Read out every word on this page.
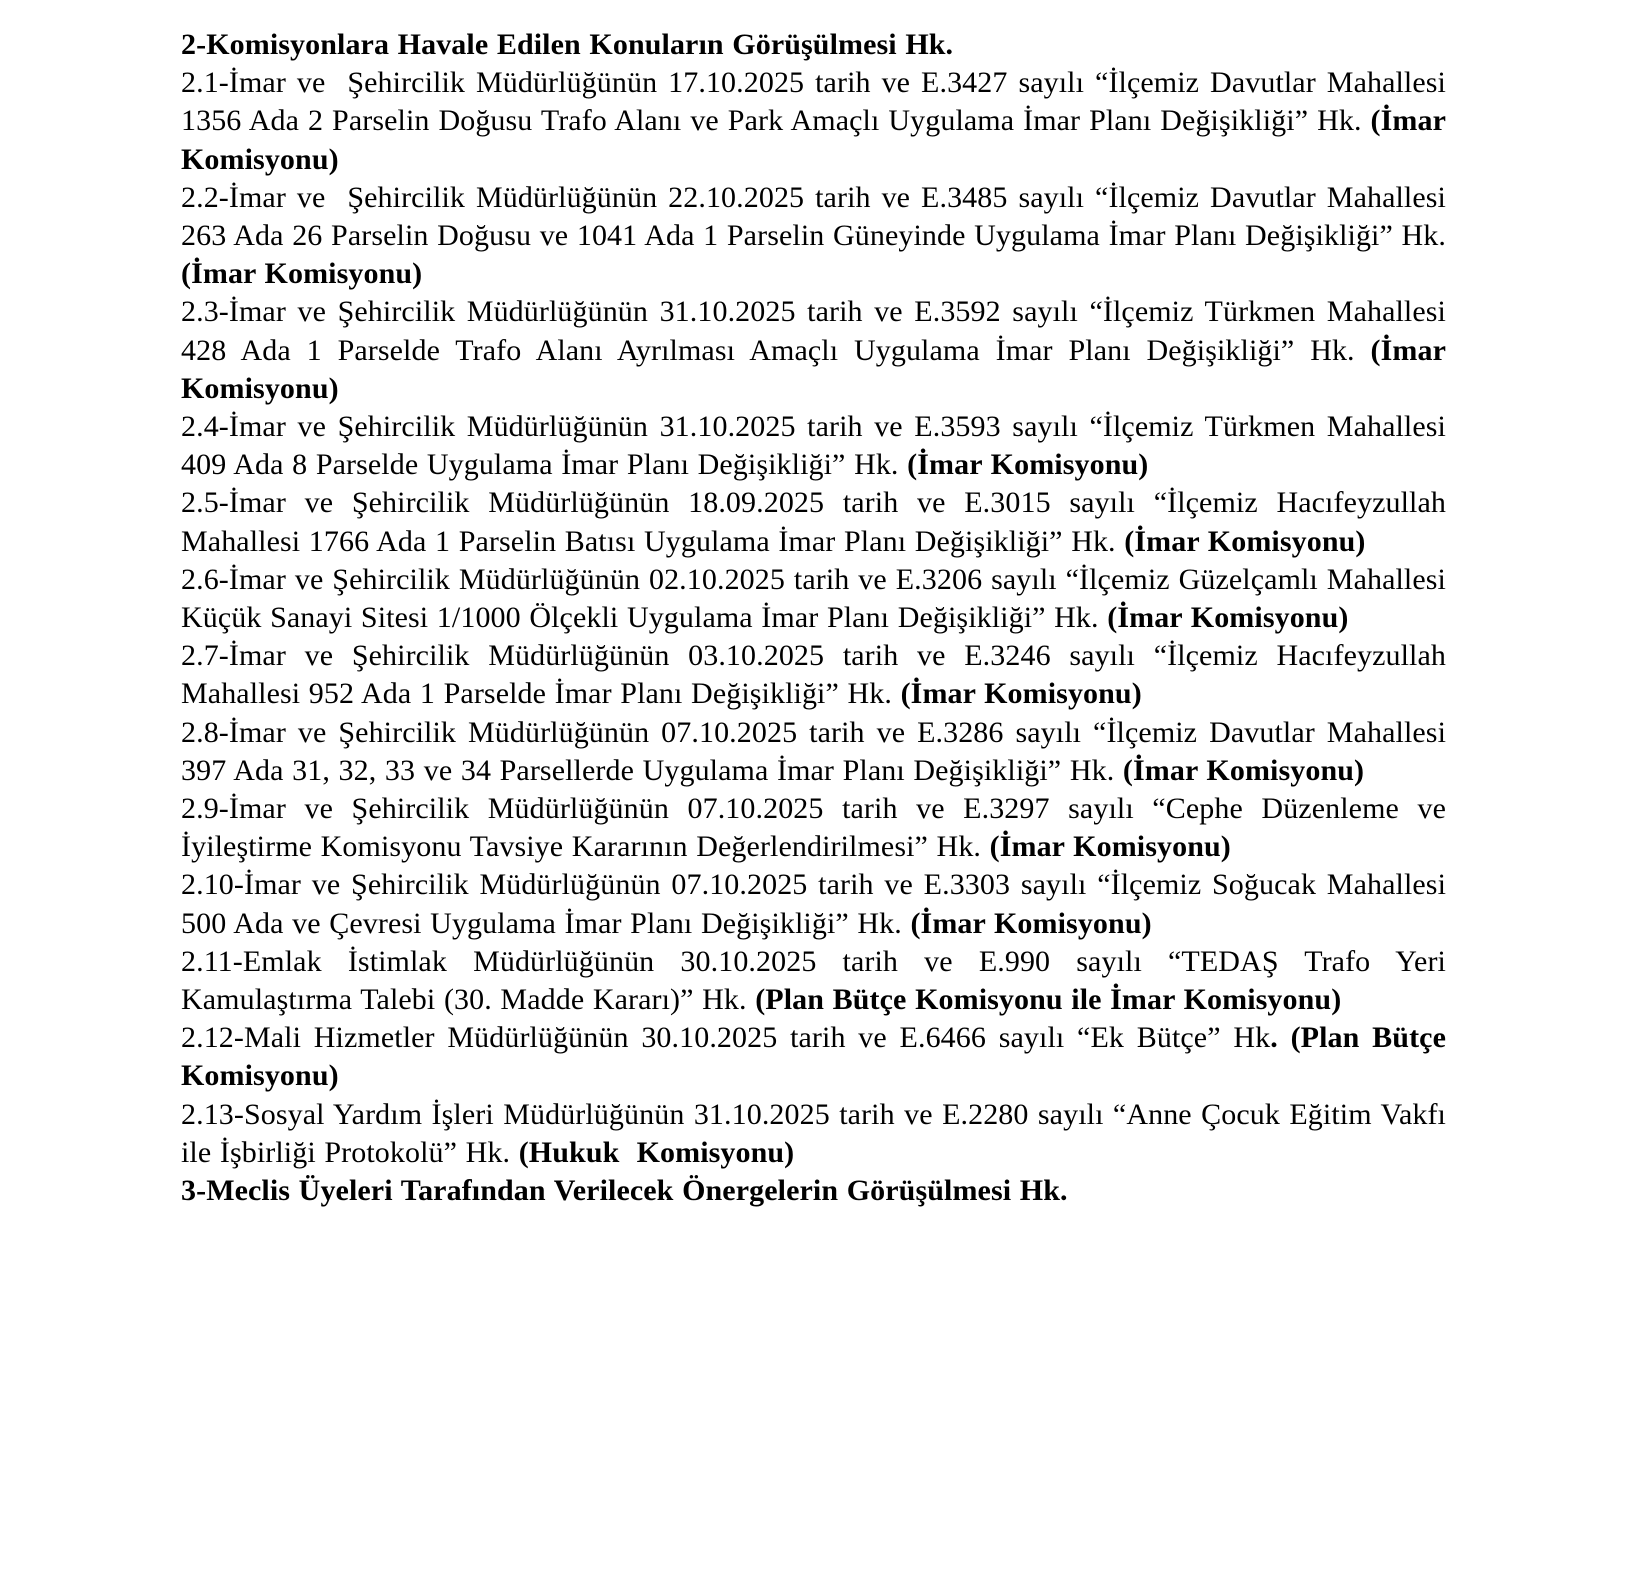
2-Komisyonlara Havale Edilen Konuların Görüşülmesi Hk.

2.1-İmar ve  Şehircilik Müdürlüğünün 17.10.2025 tarih ve E.3427 sayılı “İlçemiz Davutlar Mahallesi 1356 Ada 2 Parselin Doğusu Trafo Alanı ve Park Amaçlı Uygulama İmar Planı Değişikliği” Hk. (İmar Komisyonu)

2.2-İmar ve  Şehircilik Müdürlüğünün 22.10.2025 tarih ve E.3485 sayılı “İlçemiz Davutlar Mahallesi 263 Ada 26 Parselin Doğusu ve 1041 Ada 1 Parselin Güneyinde Uygulama İmar Planı Değişikliği” Hk. (İmar Komisyonu)

2.3-İmar ve Şehircilik Müdürlüğünün 31.10.2025 tarih ve E.3592 sayılı “İlçemiz Türkmen Mahallesi 428 Ada 1 Parselde Trafo Alanı Ayrılması Amaçlı Uygulama İmar Planı Değişikliği” Hk. (İmar Komisyonu)

2.4-İmar ve Şehircilik Müdürlüğünün 31.10.2025 tarih ve E.3593 sayılı “İlçemiz Türkmen Mahallesi 409 Ada 8 Parselde Uygulama İmar Planı Değişikliği” Hk. (İmar Komisyonu)

2.5-İmar ve Şehircilik Müdürlüğünün 18.09.2025 tarih ve E.3015 sayılı “İlçemiz Hacıfeyzullah Mahallesi 1766 Ada 1 Parselin Batısı Uygulama İmar Planı Değişikliği” Hk. (İmar Komisyonu)

2.6-İmar ve Şehircilik Müdürlüğünün 02.10.2025 tarih ve E.3206 sayılı “İlçemiz Güzelçamlı Mahallesi Küçük Sanayi Sitesi 1/1000 Ölçekli Uygulama İmar Planı Değişikliği” Hk. (İmar Komisyonu)

2.7-İmar ve Şehircilik Müdürlüğünün 03.10.2025 tarih ve E.3246 sayılı “İlçemiz Hacıfeyzullah Mahallesi 952 Ada 1 Parselde İmar Planı Değişikliği” Hk. (İmar Komisyonu)

2.8-İmar ve Şehircilik Müdürlüğünün 07.10.2025 tarih ve E.3286 sayılı “İlçemiz Davutlar Mahallesi 397 Ada 31, 32, 33 ve 34 Parsellerde Uygulama İmar Planı Değişikliği” Hk. (İmar Komisyonu)

2.9-İmar ve Şehircilik Müdürlüğünün 07.10.2025 tarih ve E.3297 sayılı “Cephe Düzenleme ve İyileştirme Komisyonu Tavsiye Kararının Değerlendirilmesi” Hk. (İmar Komisyonu)

2.10-İmar ve Şehircilik Müdürlüğünün 07.10.2025 tarih ve E.3303 sayılı “İlçemiz Soğucak Mahallesi 500 Ada ve Çevresi Uygulama İmar Planı Değişikliği” Hk. (İmar Komisyonu)

2.11-Emlak İstimlak Müdürlüğünün 30.10.2025 tarih ve E.990 sayılı “TEDAŞ Trafo Yeri Kamulaştırma Talebi (30. Madde Kararı)” Hk. (Plan Bütçe Komisyonu ile İmar Komisyonu)

2.12-Mali Hizmetler Müdürlüğünün 30.10.2025 tarih ve E.6466 sayılı “Ek Bütçe” Hk. (Plan Bütçe Komisyonu)

2.13-Sosyal Yardım İşleri Müdürlüğünün 31.10.2025 tarih ve E.2280 sayılı “Anne Çocuk Eğitim Vakfı ile İşbirliği Protokolü” Hk. (Hukuk  Komisyonu)

3-Meclis Üyeleri Tarafından Verilecek Önergelerin Görüşülmesi Hk.
